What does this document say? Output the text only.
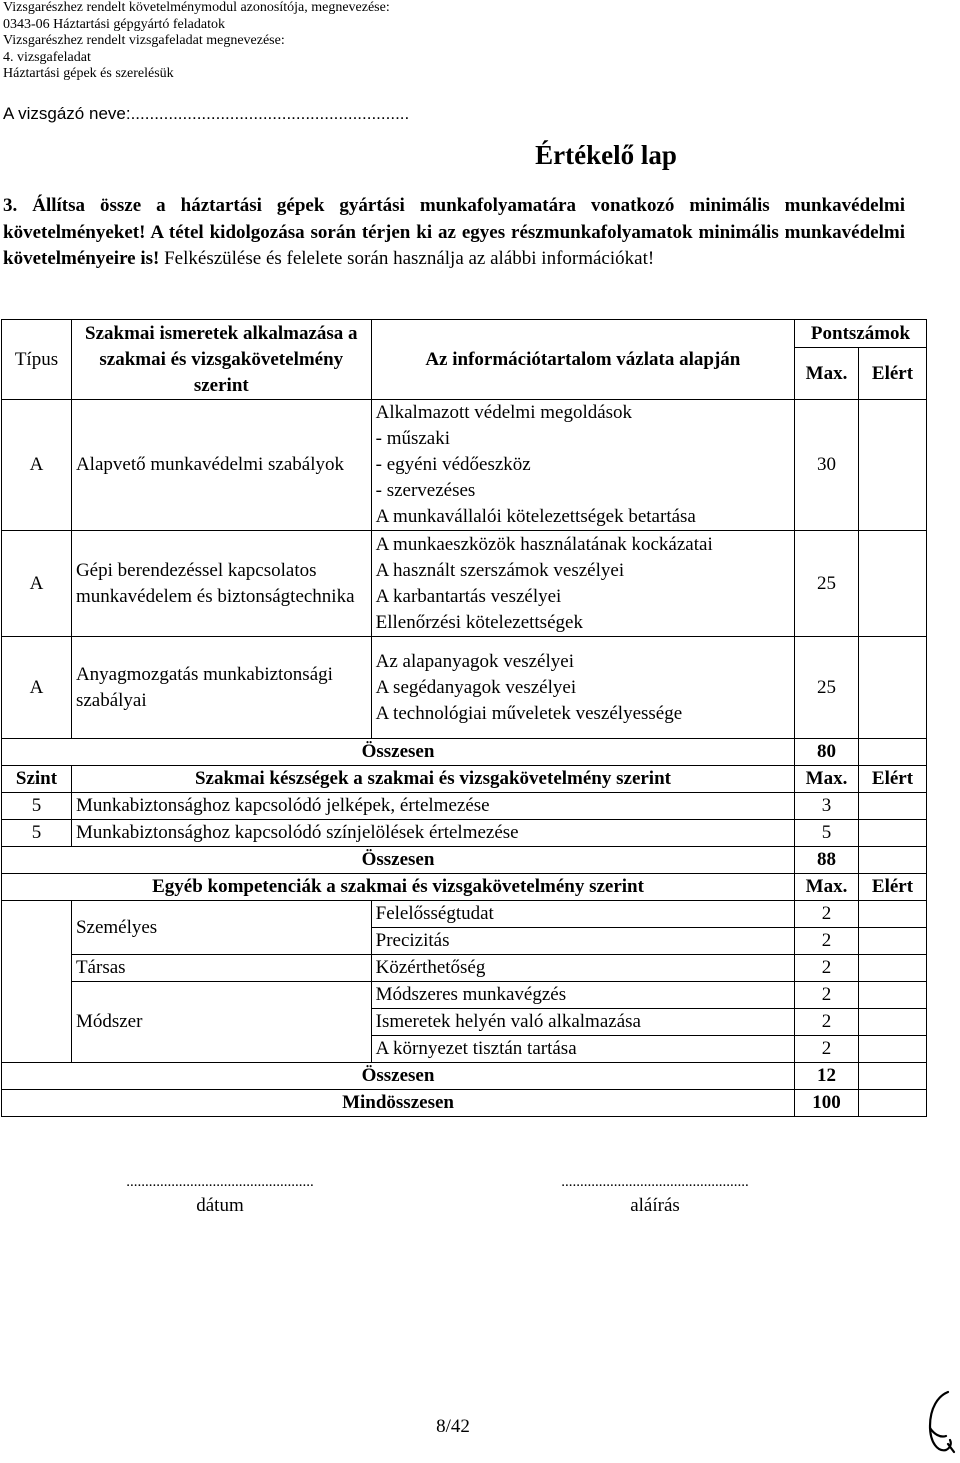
Vizsgarészhez rendelt követelménymodul azonosítója, megnevezése:
0343-06 Háztartási gépgyártó feladatok
Vizsgarészhez rendelt vizsgafeladat megnevezése:
4. vizsgafeladat
Háztartási gépek és szerelésük
A vizsgázó neve:...........................................................
Értékelő lap
3. Állítsa össze a háztartási gépek gyártási munkafolyamatára vonatkozó minimális munkavédelmi követelményeket! A tétel kidolgozása során térjen ki az egyes részmunkafolyamatok minimális munkavédelmi követelményeire is! Felkészülése és felelete során használja az alábbi információkat!
Típus	Szakmai ismeretek alkalmazása a szakmai és vizsgakövetelmény szerint	Az információtartalom vázlata alapján	Pontszámok	
			Max.	Elért
A	Alapvető munkavédelmi szabályok	Alkalmazott védelmi megoldások
- műszaki
- egyéni védőeszköz
- szervezéses
A munkavállalói kötelezettségek betartása	30	
A	Gépi berendezéssel kapcsolatos munkavédelem és biztonságtechnika	A munkaeszközök használatának kockázatai
A használt szerszámok veszélyei
A karbantartás veszélyei
Ellenőrzési kötelezettségek	25	
A	Anyagmozgatás munkabiztonsági szabályai	Az alapanyagok veszélyei
A segédanyagok veszélyei
A technológiai műveletek veszélyessége	25	
Összesen			80	
Szint	Szakmai készségek a szakmai és vizsgakövetelmény szerint		Max.	Elért
5	Munkabiztonsághoz kapcsolódó jelképek, értelmezése		3	
5	Munkabiztonsághoz kapcsolódó színjelölések értelmezése		5	
Összesen			88	
Egyéb kompetenciák a szakmai és vizsgakövetelmény szerint			Max.	Elért
	Személyes	Felelősségtudat	2	
		Precizitás	2	
	Társas	Közérthetőség	2	
	Módszer	Módszeres munkavégzés	2	
		Ismeretek helyén való alkalmazása	2	
		A környezet tisztán tartása	2	
Összesen			12	
Mindösszesen			100	
..................................................
dátum
..................................................
aláírás
8/42
